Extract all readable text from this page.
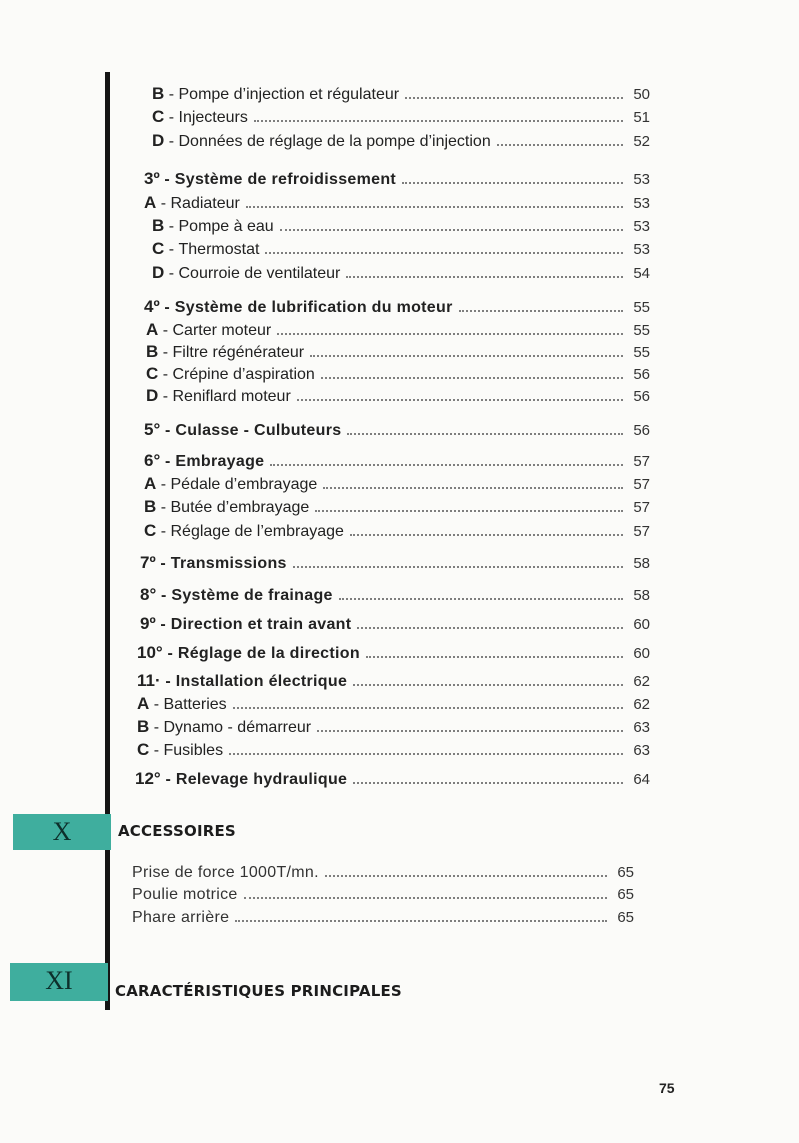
B - Pompe d’injection et régulateur	50
C - Injecteurs	51
D - Données de réglage de la pompe d’injection	52
3º - Système de refroidissement	53
A - Radiateur	53
B - Pompe à eau	53
C - Thermostat	53
D - Courroie de ventilateur	54
4º - Système de lubrification du moteur	55
A - Carter moteur	55
B - Filtre régénérateur	55
C - Crépine d’aspiration	56
D - Reniflard moteur	56
5° - Culasse - Culbuteurs	56
6° - Embrayage	57
A - Pédale d’embrayage	57
B - Butée d’embrayage	57
C - Réglage de l’embrayage	57
7º - Transmissions	58
8° - Système de frainage	58
9º - Direction et train avant	60
10° - Réglage de la direction	60
11· - Installation électrique	62
A - Batteries	62
B - Dynamo - démarreur	63
C - Fusibles	63
12° - Relevage hydraulique	64
X	ACCESSOIRES
Prise de force 1000T/mn.	65
Poulie motrice	65
Phare arrière	65
XI	CARACTÉRISTIQUES PRINCIPALES
75
